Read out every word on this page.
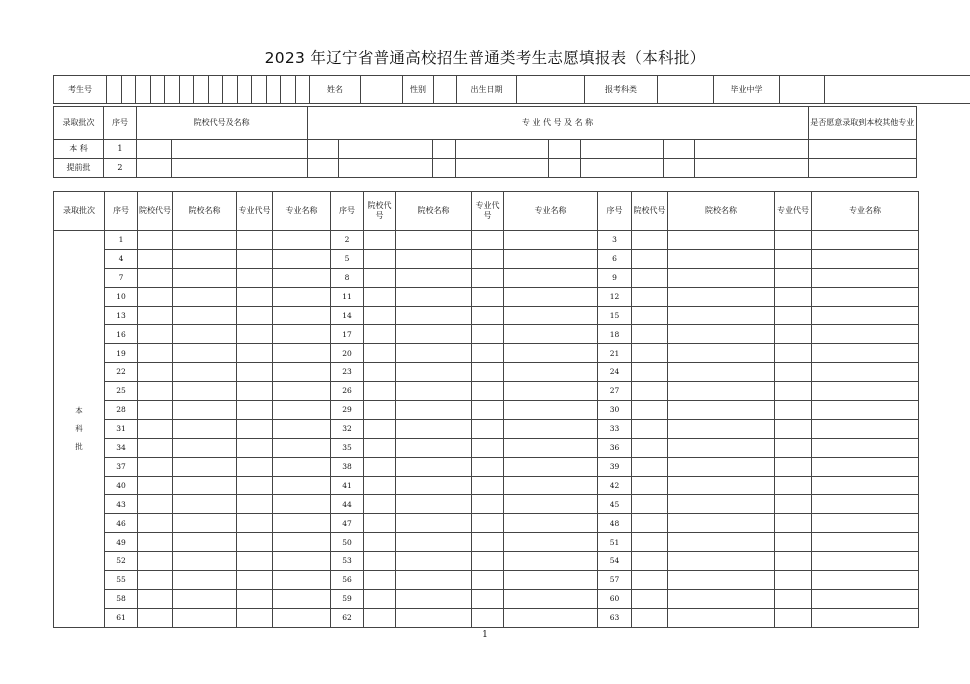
2023 年辽宁省普通高校招生普通类考生志愿填报表（本科批）
考生号															姓名		性别		出生日期		报考科类		毕业中学		
录取批次	序号	院校代号及名称		专 业 代 号 及 名 称								是否愿意录取到本校其他专业
本 科	1											
提前批	2											
录取批次	序号	院校代号	院校名称	专业代号	专业名称	序号	院校代号	院校名称	专业代号	专业名称	序号	院校代号	院校名称	专业代号	专业名称
本科批	1					2					3				
	4					5					6				
	7					8					9				
	10					11					12				
	13					14					15				
	16					17					18				
	19					20					21				
	22					23					24				
	25					26					27				
	28					29					30				
	31					32					33				
	34					35					36				
	37					38					39				
	40					41					42				
	43					44					45				
	46					47					48				
	49					50					51				
	52					53					54				
	55					56					57				
	58					59					60				
	61					62					63				
1
